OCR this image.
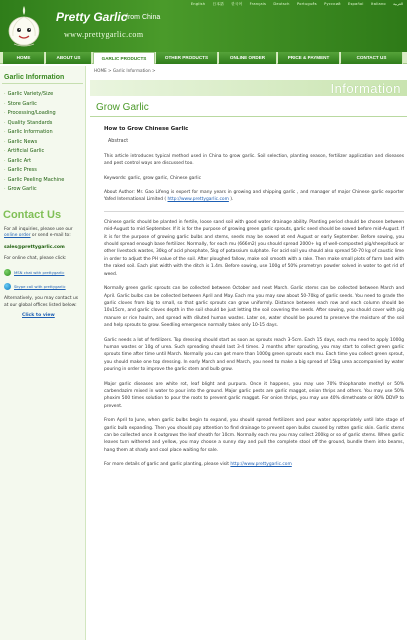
English 日本語 한국어 Français Deutsch Português Русский Español Italiano العربية
Pretty Garlic
from China
www.prettygarlic.com
HOME	ABOUT US	GARLIC PRODUCTS	OTHER PRODUCTS	ONLINE ORDER	PRICE & PAYMENT	CONTACT US
Garlic Information
· Garlic Variety/Size
· Store Garlic
· Processing/Loading
· Quality Standards
· Garlic Information
· Garlic News
· Artificial Garlic
· Garlic Art
· Garlic Press
· Garlic Peeling Machine
· Grow Garlic
Contact Us
For all inquiries, please use our online order or send e-mail to:
sales@prettygarlic.com
For online chat, please click:
MSN chat with prettygarlic
Skype call with prettygarlic
Alternatively, you may contact us at our global offices listed below:
Click to view
HOME > Garlic Information >
Information
Grow Garlic
How to Grow Chinese Garlic
Abstract
This article introduces typical method used in China to grow garlic. Soil selection, planting season, fertilizer application and diseases and pest control ways are discussed too.
Keywords: garlic, grow garlic, Chinese garlic
About Author: Mr. Gao Lifeng is expert for many years in growing and shipping garlic , and manager of major Chinese garlic exporter Yafed International Limited ( http://www.prettygarlic.com ).
Chinese garlic should be planted in fertile, loose sand soil with good water drainage ability. Planting period should be chosen between mid-August to mid September. If it is for the purpose of growing green garlic sprouts, garlic seed should be sowed before mid-August. If it is for the purpose of growing garlic bulbs and stems, seeds may be sowed at end August or early September. Before sowing, you should spread enough base fertilizer. Normally, for each mu (666m2) you should spread 2000+ kg of well-composted pig/sheep/duck or other livestock wastes, 30kg of acid phosphate, 5kg of potassium sulphate. For acid soil you should also spread 50-70 kg of caustic lime in order to adjust the PH value of the soil. After ploughed fallow, make soil smooth with a rake. Then make small plots of farm land with the raked soil. Each plot width with the ditch is 1.4m. Before sowing, use 100g of 50% prometryn powder solved in water to get rid of weed.
Normally green garlic sprouts can be collected between October and next March. Garlic stems can be collected between March and April. Garlic bulbs can be collected between April and May. Each mu you may sow about 50-70kg of garlic seeds. You need to grade the garlic cloves from big to small, so that garlic sprouts can grow uniformly. Distance between each row and each column should be 10x15cm, and garlic cloves depth in the soil should be just letting the soil covering the seeds. After sowing, you should cover with pig manure or rice haulm, and spread with diluted human wastes. Later on, water should be poured to preserve the moisture of the soil and help sprouts to grow. Seedling emergence normally takes only 10-15 days.
Garlic needs a lot of fertilizers. Top dressing should start as soon as sprouts reach 3-5cm. Each 15 days, each mu need to apply 1000g human wastes or 10g of urea. Such spreading should last 3-4 times. 2 months after sprouting, you may start to collect green garlic sprouts time after time until March. Normally you can get more than 1000g green sprouts each mu. Each time you collect green sprout, you should make one top dressing. In early March and end March, you need to make a big spread of 15kg urea accompanied by water pouring in order to improve the garlic stem and bulb grow.
Major garlic diseases are white rot, leaf blight and purpura. Once it happens, you may use 70% thiophanate methyl or 50% carbendazim mixed in water to pour into the ground. Major garlic pests are garlic maggot, onion thrips and others. You may use 50% phoxim 500 times solution to pour the roots to prevent garlic maggot. For onion thrips, you may use 40% dimethoate or 80% DDVP to prevent.
From April to June, when garlic bulbs begin to expand, you should spread fertilizers and pour water appropriately until late stage of garlic bulb expanding. Then you should pay attention to find drainage to prevent open bulbs caused by rotten garlic skin. Garlic stems can be collected once it outgrows the leaf sheath for 10cm. Normally each mu you may collect 200kg or so of garlic stems. When garlic leaves turn withered and yellow, you may choose a sunny day and pull the complete stool off the ground, bundle them into beams, hang them at shady and cool place waiting for sale.
For more details of garlic and garlic planting, please visit http://www.prettygarlic.com
